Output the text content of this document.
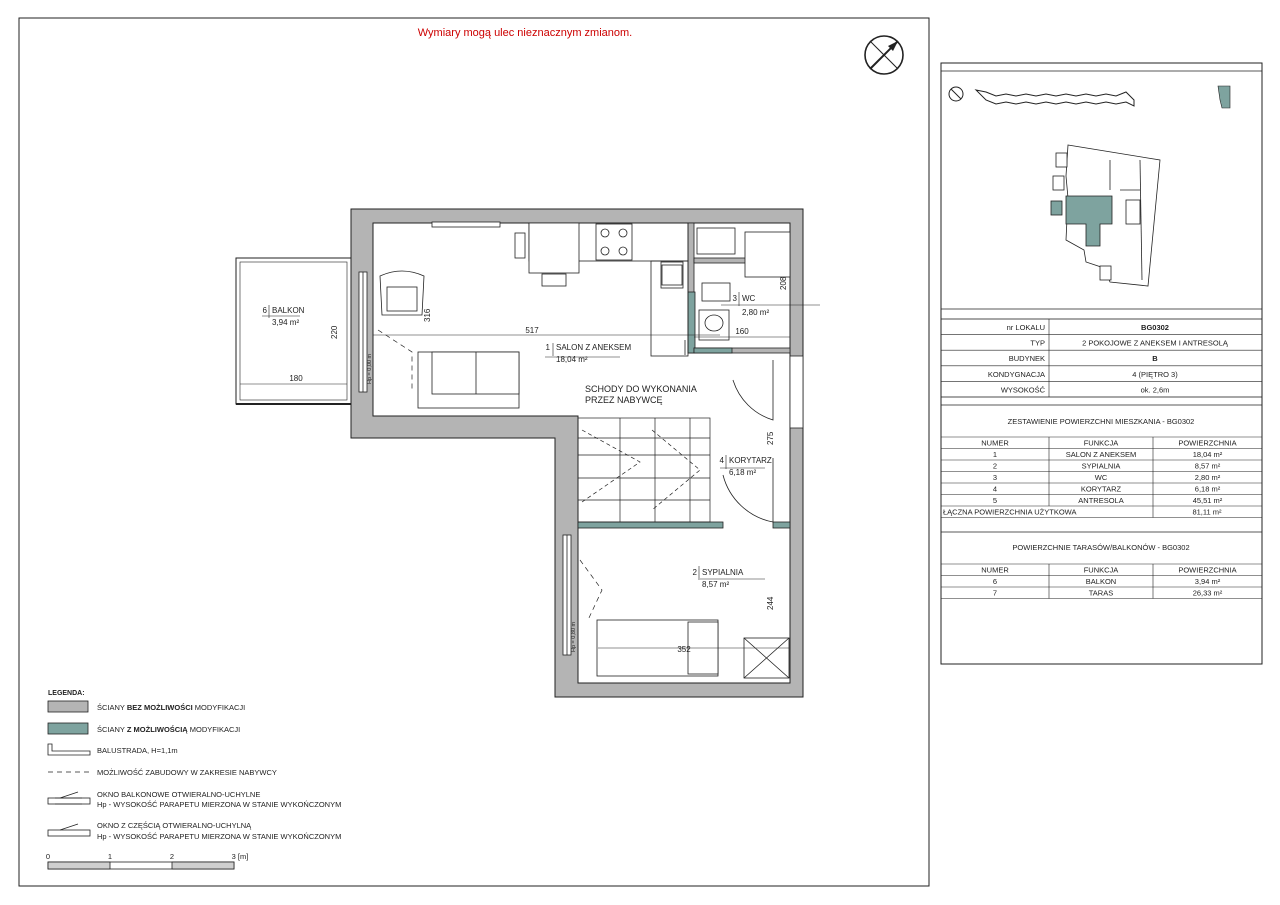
Wymiary mogą ulec nieznacznym zmianom.
Hp = 0,00 m
Hp = 0,80 m
517
316
208
160
275
244
352
180
220
1 SALON Z ANEKSEM
18,04 m²
2 SYPIALNIA
8,57 m²
3 WC
2,80 m²
4 KORYTARZ
6,18 m²
6 BALKON
3,94 m²
SCHODY DO WYKONANIA
PRZEZ NABYWCĘ
LEGENDA:
ŚCIANY BEZ MOŻLIWOŚCI MODYFIKACJI
ŚCIANY Z MOŻLIWOŚCIĄ MODYFIKACJI
BALUSTRADA, H=1,1m
MOŻLIWOŚĆ ZABUDOWY W ZAKRESIE NABYWCY
OKNO BALKONOWE OTWIERALNO-UCHYLNE
Hp - WYSOKOŚĆ PARAPETU MIERZONA W STANIE WYKOŃCZONYM
OKNO Z CZĘŚCIĄ OTWIERALNO-UCHYLNĄ
Hp - WYSOKOŚĆ PARAPETU MIERZONA W STANIE WYKOŃCZONYM
0	1	2	3 [m]
nr LOKALU	BG0302
TYP	2 POKOJOWE Z ANEKSEM I ANTRESOLĄ
BUDYNEK	B
KONDYGNACJA	4 (PIĘTRO 3)
WYSOKOŚĆ	ok. 2,6m
ZESTAWIENIE POWIERZCHNI MIESZKANIA - BG0302
NUMER	FUNKCJA	POWIERZCHNIA
1	SALON Z ANEKSEM	18,04 m²
2	SYPIALNIA	8,57 m²
3	WC	2,80 m²
4	KORYTARZ	6,18 m²
5	ANTRESOLA	45,51 m²
ŁĄCZNA POWIERZCHNIA UŻYTKOWA	81,11 m²
POWIERZCHNIE TARASÓW/BALKONÓW - BG0302
NUMER	FUNKCJA	POWIERZCHNIA
6	BALKON	3,94 m²
7	TARAS	26,33 m²
